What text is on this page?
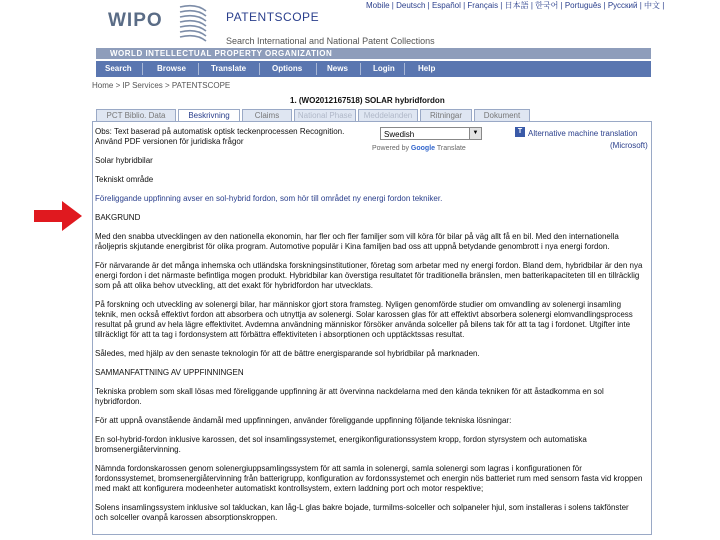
WIPO	PATENTSCOPE
Search International and National Patent Collections
Mobile | Deutsch | Español | Français | 日本語 | 한국어 | Português | Русский | 中文 |
WORLD INTELLECTUAL PROPERTY ORGANIZATION
Search	Browse	Translate	Options	News	Login	Help
Home > IP Services > PATENTSCOPE
1. (WO2012167518) SOLAR hybridfordon
PCT Biblio. Data	Beskrivning	Claims	National Phase	Meddelanden	Ritningar	Dokument
Obs: Text baserad på automatisk optisk teckenprocessen Recognition.
Använd PDF versionen för juridiska frågor
Swedish	▼
Powered by Google Translate
T Alternative machine translation
(Microsoft)

Solar hybridbilar

Tekniskt område

Föreliggande uppfinning avser en sol-hybrid fordon, som hör till området ny energi fordon tekniker.

BAKGRUND

Med den snabba utvecklingen av den nationella ekonomin, har fler och fler familjer som vill köra för bilar på väg allt få en bil. Med den internationella råoljepris skjutande energibrist för olika program. Automotive populär i Kina familjen bad oss att uppnå betydande genombrott i nya energi fordon.

För närvarande är det många inhemska och utländska forskningsinstitutioner, företag som arbetar med ny energi fordon. Bland dem, hybridbilar är den nya energi fordon i det närmaste befintliga mogen produkt. Hybridbilar kan överstiga resultatet för traditionella bränslen, men batterikapaciteten till en tillräcklig som på att olika behov utveckling, att det exakt för hybridfordon har utvecklats.

På forskning och utveckling av solenergi bilar, har människor gjort stora framsteg. Nyligen genomförde studier om omvandling av solenergi insamling teknik, men också effektivt fordon att absorbera och utnyttja av solenergi. Solar karossen glas för att effektivt absorbera solenergi elomvandlingsprocess resultat på grund av hela lägre effektivitet. Avdemna användning människor försöker använda solceller på bilens tak för att ta tag i fordonet. Utgifter inte tillräckligt för att ta tag i fordonsystem att förbättra effektiviteten i absorptionen och upptäcktssas resultat.

Således, med hjälp av den senaste teknologin för att de bättre energisparande sol hybridbilar på marknaden.

SAMMANFATTNING AV UPPFINNINGEN

Tekniska problem som skall lösas med föreliggande uppfinning är att övervinna nackdelarna med den kända tekniken för att åstadkomma en sol hybridfordon.

För att uppnå ovanstående ändamål med uppfinningen, använder föreliggande uppfinning följande tekniska lösningar:

En sol-hybrid-fordon inklusive karossen, det sol insamlingssystemet, energikonfigurationssystem kropp, fordon styrsystem och automatiska bromsenergiåtervinning.

Nämnda fordonskarossen genom solenergiuppsamlingssystem för att samla in solenergi, samla solenergi som lagras i konfigurationen för fordonssystemet, bromsenergiåtervinning från batterigrupp, konfiguration av fordonssystemet och energin nös batteriet rum med sensorn fasta vid kroppen med makt att konfigurera modeenheter automatiskt kontrollsystem, extern laddning port och motor respektive;

Solens insamlingssystem inklusive sol takluckan, kan låg-L glas bakre bojade, turmilms-solceller och solpaneler hjul, som installeras i solens takfönster och solceller ovanpå karossen absorptionskroppen.
